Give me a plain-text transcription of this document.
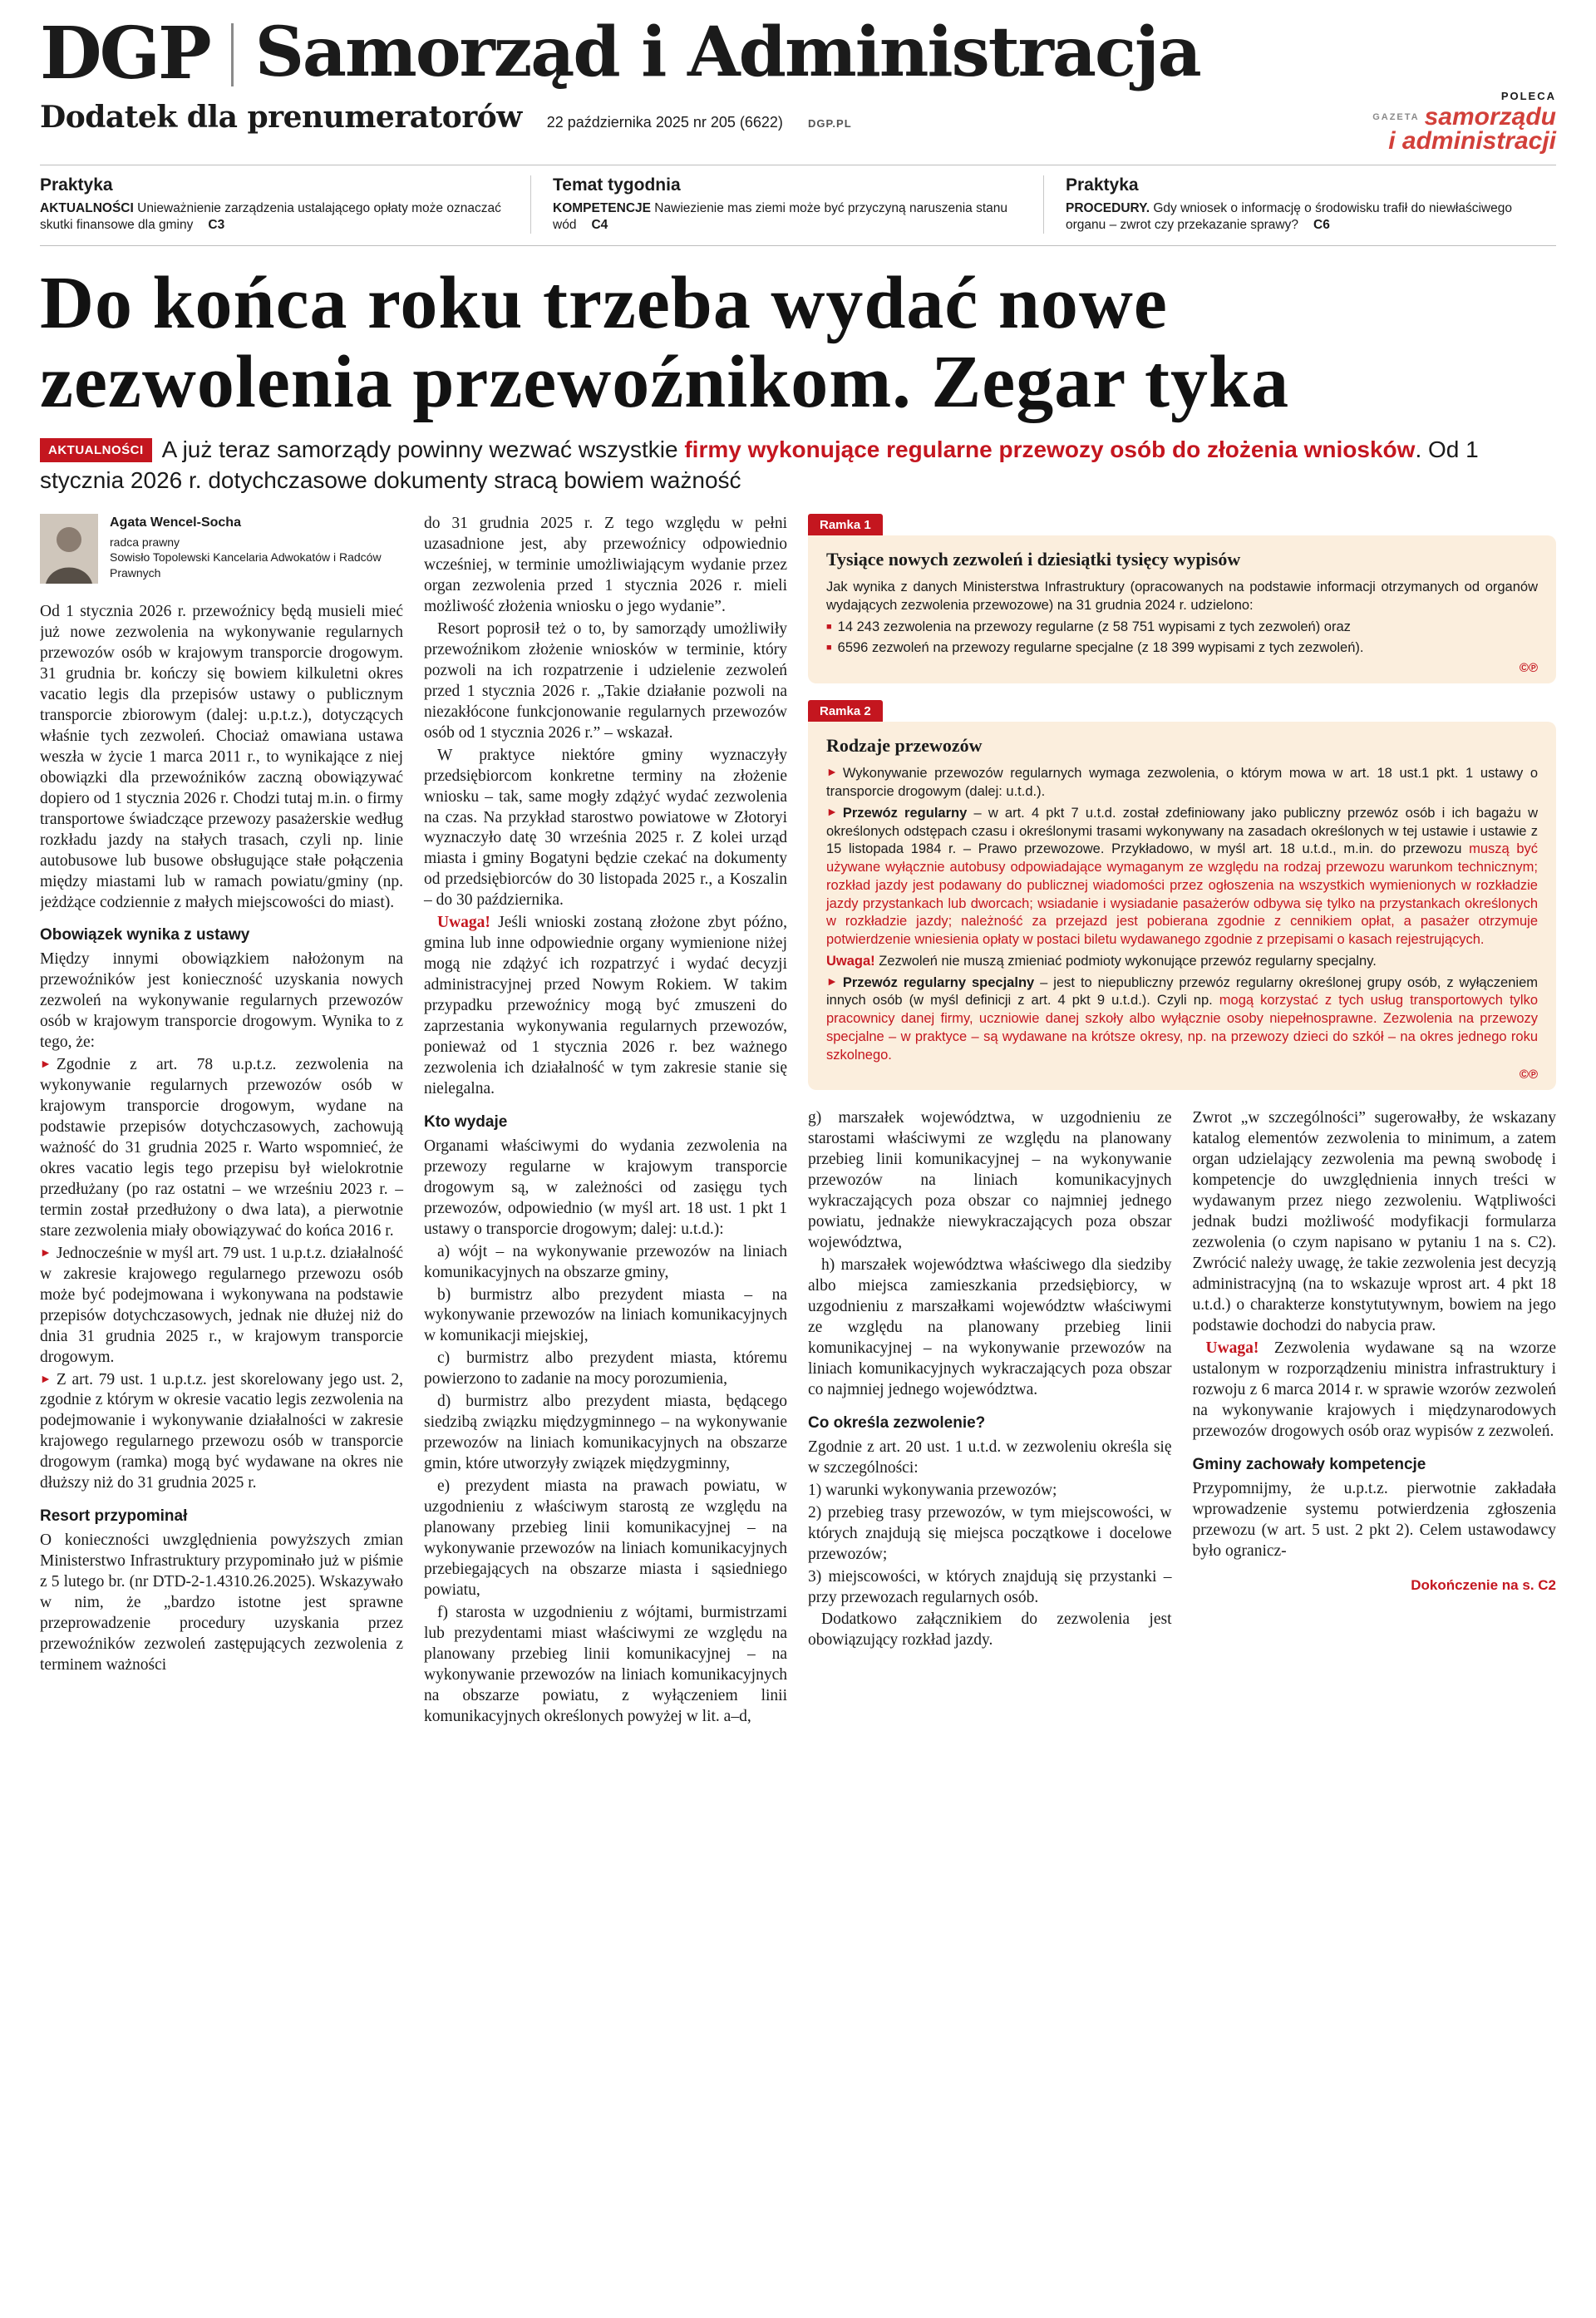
DGP Samorząd i Administracja
Dodatek dla prenumeratorów 22 października 2025 nr 205 (6622) DGP.PL
POLECA
$^{GAZETA}$ samorządu
i administracji
Praktyka
AKTUALNOŚCI Unieważnienie zarządzenia ustalającego opłaty może oznaczać skutki finansowe dla gminy C3
Temat tygodnia
KOMPETENCJE Nawiezienie mas ziemi może być przyczyną naruszenia stanu wód C4
Praktyka
PROCEDURY. Gdy wniosek o informację o środowisku trafił do niewłaściwego organu – zwrot czy przekazanie sprawy? C6
Do końca roku trzeba wydać nowe
zezwolenia przewoźnikom. Zegar tyka

AKTUALNOŚCI A już teraz samorządy powinny wezwać wszystkie firmy wykonujące regularne przewozy osób do złożenia wniosków. Od 1 stycznia 2026 r. dotychczasowe dokumenty stracą bowiem ważność

Agata Wencel-Socha
radca prawny
Sowisło Topolewski Kancelaria Adwokatów i Radców Prawnych

Od 1 stycznia 2026 r. przewoźnicy będą musieli mieć już nowe zezwolenia na wykonywanie regularnych przewozów osób w krajowym transporcie drogowym. 31 grudnia br. kończy się bowiem kilkuletni okres vacatio legis dla przepisów ustawy o publicznym transporcie zbiorowym (dalej: u.p.t.z.), dotyczących właśnie tych zezwoleń. Chociaż omawiana ustawa weszła w życie 1 marca 2011 r., to wynikające z niej obowiązki dla przewoźników zaczną obowiązywać dopiero od 1 stycznia 2026 r. Chodzi tutaj m.in. o firmy transportowe świadczące przewozy pasażerskie według rozkładu jazdy na stałych trasach, czyli np. linie autobusowe lub busowe obsługujące stałe połączenia między miastami lub w ramach powiatu/gminy (np. jeżdżące codziennie z małych miejscowości do miast).

Obowiązek wynika z ustawy

Między innymi obowiązkiem nałożonym na przewoźników jest konieczność uzyskania nowych zezwoleń na wykonywanie regularnych przewozów osób w krajowym transporcie drogowym. Wynika to z tego, że:

► Zgodnie z art. 78 u.p.t.z. zezwolenia na wykonywanie regularnych przewozów osób w krajowym transporcie drogowym, wydane na podstawie przepisów dotychczasowych, zachowują ważność do 31 grudnia 2025 r. Warto wspomnieć, że okres vacatio legis tego przepisu był wielokrotnie przedłużany (po raz ostatni – we wrześniu 2023 r. – termin został przedłużony o dwa lata), a pierwotnie stare zezwolenia miały obowiązywać do końca 2016 r.

► Jednocześnie w myśl art. 79 ust. 1 u.p.t.z. działalność w zakresie krajowego regularnego przewozu osób może być podejmowana i wykonywana na podstawie przepisów dotychczasowych, jednak nie dłużej niż do dnia 31 grudnia 2025 r., w krajowym transporcie drogowym.

► Z art. 79 ust. 1 u.p.t.z. jest skorelowany jego ust. 2, zgodnie z którym w okresie vacatio legis zezwolenia na podejmowanie i wykonywanie działalności w zakresie krajowego regularnego przewozu osób w transporcie drogowym (ramka) mogą być wydawane na okres nie dłuższy niż do 31 grudnia 2025 r.

Resort przypominał

O konieczności uwzględnienia powyższych zmian Ministerstwo Infrastruktury przypominało już w piśmie z 5 lutego br. (nr DTD-2-1.4310.26.2025). Wskazywało w nim, że „bardzo istotne jest sprawne przeprowadzenie procedury uzyskania przez przewoźników zezwoleń zastępujących zezwolenia z terminem ważności

do 31 grudnia 2025 r. Z tego względu w pełni uzasadnione jest, aby przewoźnicy odpowiednio wcześniej, w terminie umożliwiającym wydanie przez organ zezwolenia przed 1 stycznia 2026 r. mieli możliwość złożenia wniosku o jego wydanie”.

Resort poprosił też o to, by samorządy umożliwiły przewoźnikom złożenie wniosków w terminie, który pozwoli na ich rozpatrzenie i udzielenie zezwoleń przed 1 stycznia 2026 r. „Takie działanie pozwoli na niezakłócone funkcjonowanie regularnych przewozów osób od 1 stycznia 2026 r.” – wskazał.

W praktyce niektóre gminy wyznaczyły przedsiębiorcom konkretne terminy na złożenie wniosku – tak, same mogły zdążyć wydać zezwolenia na czas. Na przykład starostwo powiatowe w Złotoryi wyznaczyło datę 30 września 2025 r. Z kolei urząd miasta i gminy Bogatyni będzie czekać na dokumenty od przedsiębiorców do 30 listopada 2025 r., a Koszalin – do 30 października.

Uwaga! Jeśli wnioski zostaną złożone zbyt późno, gmina lub inne odpowiednie organy wymienione niżej mogą nie zdążyć ich rozpatrzyć i wydać decyzji administracyjnej przed Nowym Rokiem. W takim przypadku przewoźnicy mogą być zmuszeni do zaprzestania wykonywania regularnych przewozów, ponieważ od 1 stycznia 2026 r. bez ważnego zezwolenia ich działalność w tym zakresie stanie się nielegalna.

Kto wydaje

Organami właściwymi do wydania zezwolenia na przewozy regularne w krajowym transporcie drogowym są, w zależności od zasięgu tych przewozów, odpowiednio (w myśl art. 18 ust. 1 pkt 1 ustawy o transporcie drogowym; dalej: u.t.d.):

a) wójt – na wykonywanie przewozów na liniach komunikacyjnych na obszarze gminy,

b) burmistrz albo prezydent miasta – na wykonywanie przewozów na liniach komunikacyjnych w komunikacji miejskiej,

c) burmistrz albo prezydent miasta, któremu powierzono to zadanie na mocy porozumienia,

d) burmistrz albo prezydent miasta, będącego siedzibą związku międzygminnego – na wykonywanie przewozów na liniach komunikacyjnych na obszarze gmin, które utworzyły związek międzygminny,

e) prezydent miasta na prawach powiatu, w uzgodnieniu z właściwym starostą ze względu na planowany przebieg linii komunikacyjnej – na wykonywanie przewozów na liniach komunikacyjnych przebiegających na obszarze miasta i sąsiedniego powiatu,

f) starosta w uzgodnieniu z wójtami, burmistrzami lub prezydentami miast właściwymi ze względu na planowany przebieg linii komunikacyjnej – na wykonywanie przewozów na liniach komunikacyjnych na obszarze powiatu, z wyłączeniem linii komunikacyjnych określonych powyżej w lit. a–d,

Ramka 1
Tysiące nowych zezwoleń i dziesiątki tysięcy wypisów

Jak wynika z danych Ministerstwa Infrastruktury (opracowanych na podstawie informacji otrzymanych od organów wydających zezwolenia przewozowe) na 31 grudnia 2024 r. udzielono:

■ 14 243 zezwolenia na przewozy regularne (z 58 751 wypisami z tych zezwoleń) oraz

■ 6596 zezwoleń na przewozy regularne specjalne (z 18 399 wypisami z tych zezwoleń).

©℗
Ramka 2
Rodzaje przewozów

► Wykonywanie przewozów regularnych wymaga zezwolenia, o którym mowa w art. 18 ust.1 pkt. 1 ustawy o transporcie drogowym (dalej: u.t.d.).

► Przewóz regularny – w art. 4 pkt 7 u.t.d. został zdefiniowany jako publiczny przewóz osób i ich bagażu w określonych odstępach czasu i określonymi trasami wykonywany na zasadach określonych w tej ustawie i ustawie z 15 listopada 1984 r. – Prawo przewozowe. Przykładowo, w myśl art. 18 u.t.d., m.in. do przewozu muszą być używane wyłącznie autobusy odpowiadające wymaganym ze względu na rodzaj przewozu warunkom technicznym; rozkład jazdy jest podawany do publicznej wiadomości przez ogłoszenia na wszystkich wymienionych w rozkładzie jazdy przystankach lub dworcach; wsiadanie i wysiadanie pasażerów odbywa się tylko na przystankach określonych w rozkładzie jazdy; należność za przejazd jest pobierana zgodnie z cennikiem opłat, a pasażer otrzymuje potwierdzenie wniesienia opłaty w postaci biletu wydawanego zgodnie z przepisami o kasach rejestrujących.

Uwaga! Zezwoleń nie muszą zmieniać podmioty wykonujące przewóz regularny specjalny.

► Przewóz regularny specjalny – jest to niepubliczny przewóz regularny określonej grupy osób, z wyłączeniem innych osób (w myśl definicji z art. 4 pkt 9 u.t.d.). Czyli np. mogą korzystać z tych usług transportowych tylko pracownicy danej firmy, uczniowie danej szkoły albo wyłącznie osoby niepełnosprawne. Zezwolenia na przewozy specjalne – w praktyce – są wydawane na krótsze okresy, np. na przewozy dzieci do szkół – na okres jednego roku szkolnego.

©℗

g) marszałek województwa, w uzgodnieniu ze starostami właściwymi ze względu na planowany przebieg linii komunikacyjnej – na wykonywanie przewozów na liniach komunikacyjnych wykraczających poza obszar co najmniej jednego powiatu, jednakże niewykraczających poza obszar województwa,

h) marszałek województwa właściwego dla siedziby albo miejsca zamieszkania przedsiębiorcy, w uzgodnieniu z marszałkami województw właściwymi ze względu na planowany przebieg linii komunikacyjnej – na wykonywanie przewozów na liniach komunikacyjnych wykraczających poza obszar co najmniej jednego województwa.

Co określa zezwolenie?

Zgodnie z art. 20 ust. 1 u.t.d. w zezwoleniu określa się w szczególności:

1) warunki wykonywania przewozów;

2) przebieg trasy przewozów, w tym miejscowości, w których znajdują się miejsca początkowe i docelowe przewozów;

3) miejscowości, w których znajdują się przystanki – przy przewozach regularnych osób.

Dodatkowo załącznikiem do zezwolenia jest obowiązujący rozkład jazdy.

Zwrot „w szczególności” sugerowałby, że wskazany katalog elementów zezwolenia to minimum, a zatem organ udzielający zezwolenia ma pewną swobodę i kompetencje do uwzględnienia innych treści w wydawanym przez niego zezwoleniu. Wątpliwości jednak budzi możliwość modyfikacji formularza zezwolenia (o czym napisano w pytaniu 1 na s. C2). Zwrócić należy uwagę, że takie zezwolenia jest decyzją administracyjną (na to wskazuje wprost art. 4 pkt 18 u.t.d.) o charakterze konstytutywnym, bowiem na jego podstawie dochodzi do nabycia praw.

Uwaga! Zezwolenia wydawane są na wzorze ustalonym w rozporządzeniu ministra infrastruktury i rozwoju z 6 marca 2014 r. w sprawie wzorów zezwoleń na wykonywanie krajowych i międzynarodowych przewozów drogowych osób oraz wypisów z zezwoleń.

Gminy zachowały kompetencje

Przypomnijmy, że u.p.t.z. pierwotnie zakładała wprowadzenie systemu potwierdzenia zgłoszenia przewozu (w art. 5 ust. 2 pkt 2). Celem ustawodawcy było ogranicz-

Dokończenie na s. C2
